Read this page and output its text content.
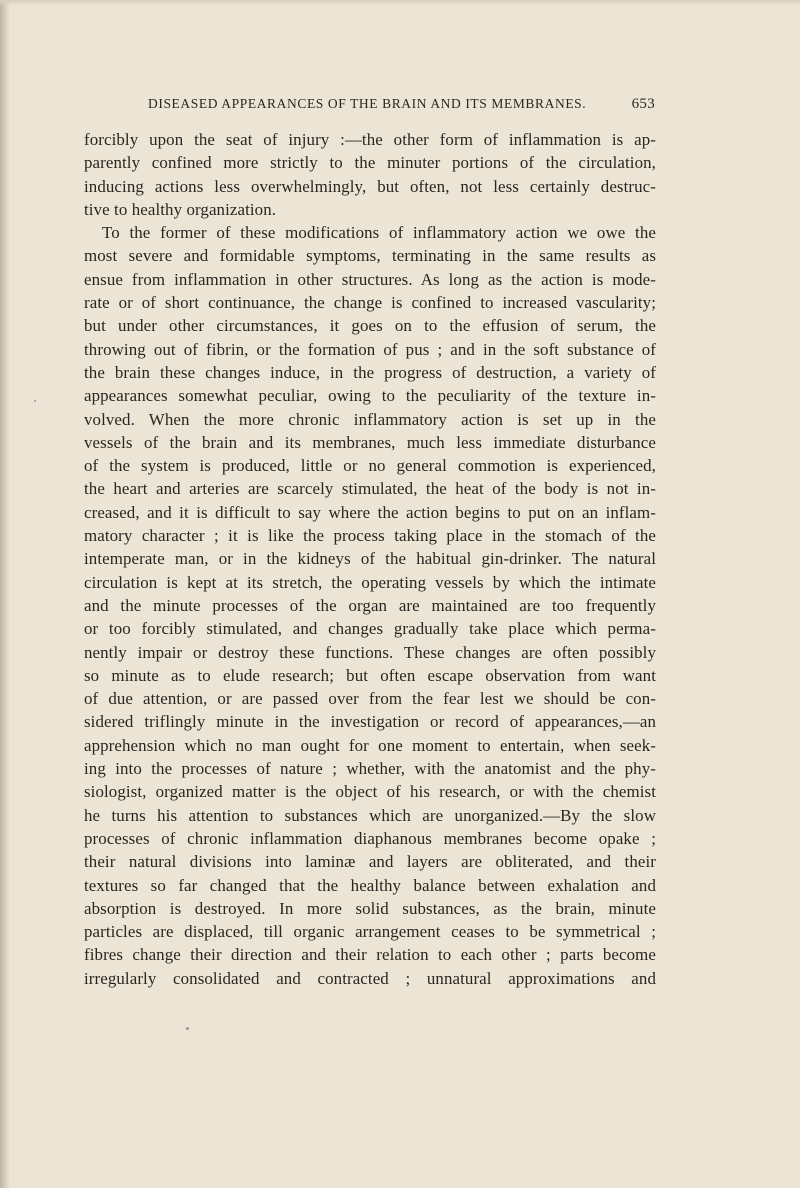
DISEASED APPEARANCES OF THE BRAIN AND ITS MEMBRANES.	653
forcibly upon the seat of injury :—the other form of inflammation is ap-
parently confined more strictly to the minuter portions of the circulation,
inducing actions less overwhelmingly, but often, not less certainly destruc-
tive to healthy organization.
To the former of these modifications of inflammatory action we owe the
most severe and formidable symptoms, terminating in the same results as
ensue from inflammation in other structures. As long as the action is mode-
rate or of short continuance, the change is confined to increased vascularity;
but under other circumstances, it goes on to the effusion of serum, the
throwing out of fibrin, or the formation of pus ; and in the soft substance of
the brain these changes induce, in the progress of destruction, a variety of
appearances somewhat peculiar, owing to the peculiarity of the texture in-
volved. When the more chronic inflammatory action is set up in the
vessels of the brain and its membranes, much less immediate disturbance
of the system is produced, little or no general commotion is experienced,
the heart and arteries are scarcely stimulated, the heat of the body is not in-
creased, and it is difficult to say where the action begins to put on an inflam-
matory character ; it is like the process taking place in the stomach of the
intemperate man, or in the kidneys of the habitual gin-drinker. The natural
circulation is kept at its stretch, the operating vessels by which the intimate
and the minute processes of the organ are maintained are too frequently
or too forcibly stimulated, and changes gradually take place which perma-
nently impair or destroy these functions. These changes are often possibly
so minute as to elude research; but often escape observation from want
of due attention, or are passed over from the fear lest we should be con-
sidered triflingly minute in the investigation or record of appearances,—an
apprehension which no man ought for one moment to entertain, when seek-
ing into the processes of nature ; whether, with the anatomist and the phy-
siologist, organized matter is the object of his research, or with the chemist
he turns his attention to substances which are unorganized.—By the slow
processes of chronic inflammation diaphanous membranes become opake ;
their natural divisions into laminæ and layers are obliterated, and their
textures so far changed that the healthy balance between exhalation and
absorption is destroyed. In more solid substances, as the brain, minute
particles are displaced, till organic arrangement ceases to be symmetrical ;
fibres change their direction and their relation to each other ; parts become
irregularly consolidated and contracted ; unnatural approximations and
